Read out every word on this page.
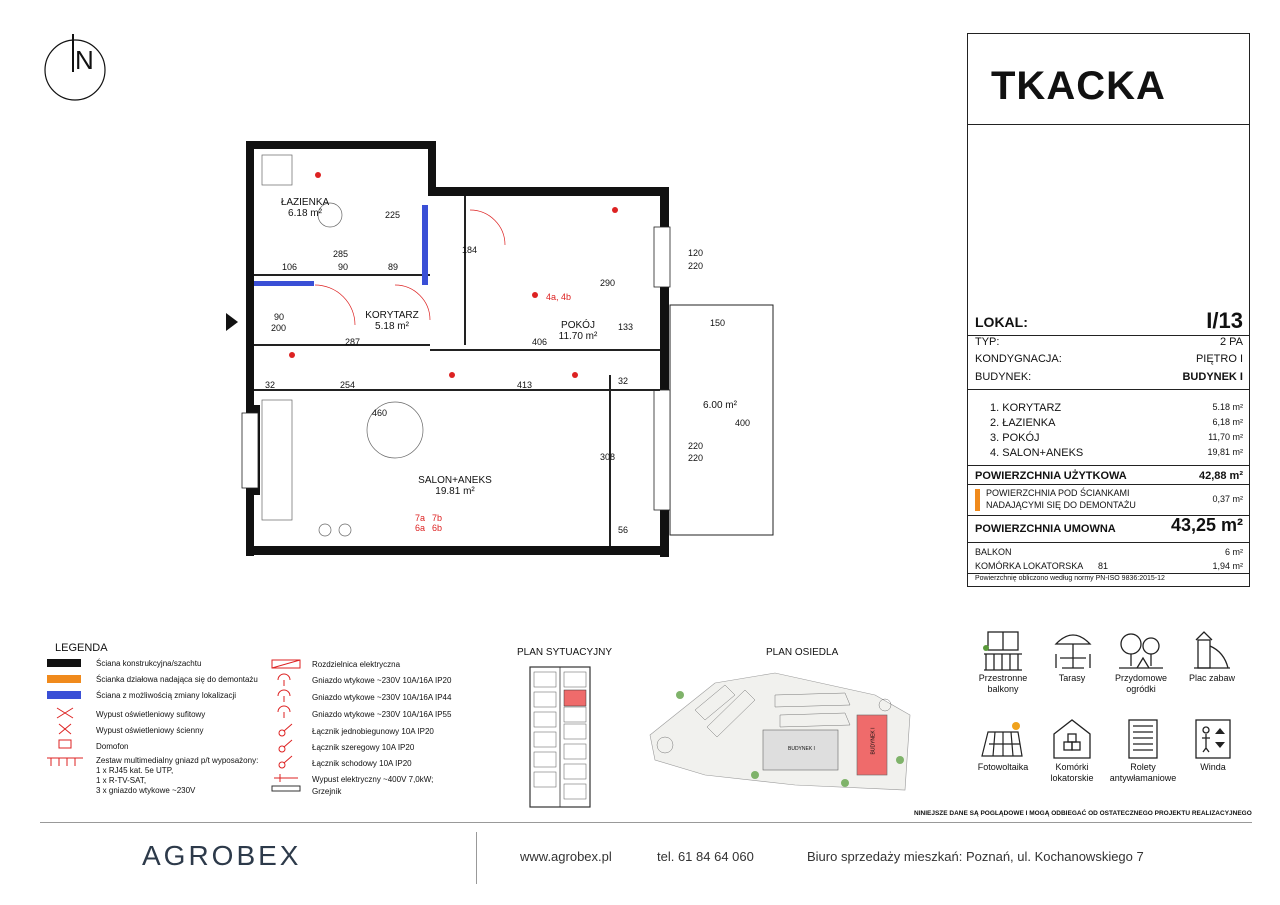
N
ŁAZIENKA
6.18 m²
KORYTARZ
5.18 m²	POKÓJ
11.70 m²
SALON+ANEKS
19.81 m²
6.00 m²
285
106	90	89
225
184	120
220
290
133	150
406
413
254
287
32	32
460
308
220
220
400
56
90
200
4a, 4b
7a 7b
6a 6b
TKACKA
LOKAL:	I/13
TYP:	2 PA
KONDYGNACJA:	PIĘTRO I
BUDYNEK:	BUDYNEK I
1. KORYTARZ	5.18 m²
2. ŁAZIENKA	6,18 m²
3. POKÓJ	11,70 m²
4. SALON+ANEKS	19,81 m²
POWIERZCHNIA UŻYTKOWA	42,88 m²
POWIERZCHNIA POD ŚCIANKAMI
NADAJĄCYMI SIĘ DO DEMONTAŻU
0,37 m²
POWIERZCHNIA UMOWNA	43,25 m²
BALKON	6 m²
KOMÓRKA LOKATORSKA 81	1,94 m²
Powierzchnię obliczono według normy PN-ISO 9836:2015-12
LEGENDA
Ściana konstrukcyjna/szachtu
Ścianka działowa nadająca się do demontażu
Ściana z możliwością zmiany lokalizacji
Wypust oświetleniowy sufitowy
Wypust oświetleniowy ścienny
Domofon
Zestaw multimedialny gniazd p/t wyposażony:
1 x RJ45 kat. 5e UTP,
1 x R-TV-SAT,
3 x gniazdo wtykowe ~230V
Rozdzielnica elektryczna
Gniazdo wtykowe ~230V 10A/16A IP20
Gniazdo wtykowe ~230V 10A/16A IP44
Gniazdo wtykowe ~230V 10A/16A IP55
Łącznik jednobiegunowy 10A IP20
Łącznik szeregowy 10A IP20
Łącznik schodowy 10A IP20
Wypust elektryczny ~400V 7,0kW;
Grzejnik
PLAN SYTUACYJNY	PLAN OSIEDLA
BUDYNEK I	BUDYNEK I
Przestronne balkony
Tarasy	Przydomowe ogródki
Plac zabaw
Fotowoltaika	Komórki lokatorskie
Rolety antywłamaniowe
Winda
NINIEJSZE DANE SĄ POGLĄDOWE I MOGĄ ODBIEGAĆ OD OSTATECZNEGO PROJEKTU REALIZACYJNEGO
AGROBEX	www.agrobex.pl	tel. 61 84 64 060	Biuro sprzedaży mieszkań: Poznań, ul. Kochanowskiego 7
